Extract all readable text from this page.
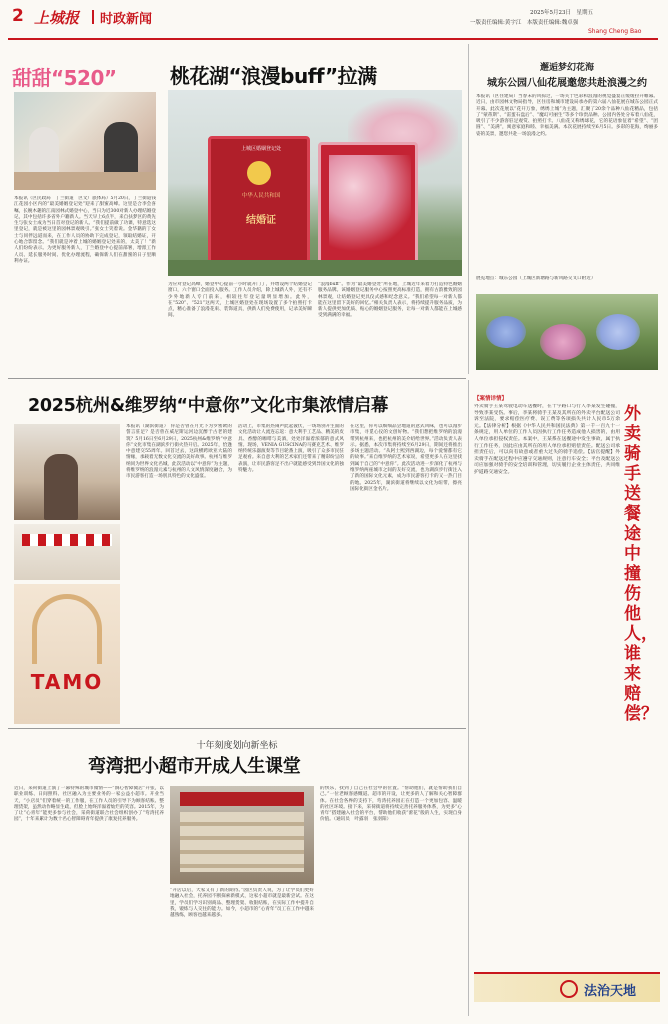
2 上城报 时政新闻	2025年5月23日　星期五
一版责任编辑:黄宇江　本版责任编辑:魏卓强
Shang Cheng Bao
甜甜“520”
本报讯（区民政局　丁兰街道　区文广旅体局）5月20日，丁兰街道钱江花园小区内的“最美婚姻登记处”迎来了甜蜜高峰。这里是合李会喜嘱，长婉木趣的江南园林式婚登中心，当日为近300对新人办理结婚登记，其中包括许多省外户籍新人。当天早上6点半，来自扶梦区的黄先生与张女士成为当日首对登记的新人。“我们提前做了功课，特意选这里登记，就是被这里的园林景观吸引。”张女士笑着说。金华籍的丁女士与同伴远道而来，在工作人员的协助下完成登记，领取结婚证，开心地合影留念。“我们就是冲着上城的婚姻登记处来的，太美了！”新人们纷纷表示。为更好服务新人，丁兰婚登中心提前部署，增派工作人员、延长服务时间、优化办理流程，确保新人们在甜蜜的日子里顺利办证。
桃花湖“浪漫buff”拉满
上城区婚姻登记处
中华人民共和国
结婚证
为应对登记高峰，婚登中心提前一小时就开门了，并增设两个结婚登记窗口，六个窗口全面投入服务。工作人员介绍，除上城新人外，还有不少外地新人专门前来，相较往年登记量明显增加。此外，在“520”、“521”这两天，上城区婚登处在现场设置了多个拍照打卡点，精心准备了浪漫花束、装饰道具，供新人们免费使用，记录美好瞬间。
“浪漫buff”。作为“最美婚登处”所在地，上城近年来着力打造特色婚姻服务品牌。该婚姻登记服务中心按照更高标准打造，拥有古韵雅致的园林景观，让结婚登记更具仪式感和纪念意义。“我们希望每一对新人都能在这里留下美好的回忆。”相关负责人表示，将持续提升服务品质，为新人提供更加优质、贴心的婚姻登记服务，让每一对新人都能在上城感受到满满的幸福。
邂逅梦幻花海
城东公园八仙花展邀您共赴浪漫之约
本报讯（区住建局）当春末的风掠过，一场关于色彩和浪漫的视觉盛宴正缓缓拉开帷幕。近日，由市园林文物局指导，区住房和城市建设局承办的第六届八仙花展在城东公园正式开幕。此次花展以“花开万象，绣绣上城”为主题，汇聚了20余个品种八仙花精品，包括了“蒙蒂斯”、“雷蛋石盘后”、“魔幻可丽生”等多个珍贵品种。公园内各处分布着八仙花，吸引了不少游客驻足观赏、拍照打卡。八仙花又称绣球花，它的花语象征着“希望”、“团圆”、“美满”，寓意家庭和睦、幸福美满。本次花展持续至6月5日。多彩的花海，绚丽多姿的美景，邀您共赴一场浪漫之约。
展览地点：城东公园（上城区新塘路与新风路交叉口附近）
2025杭州&维罗纳“中意你”文化市集浓情启幕
TAMO
本报讯（湖滨街道）　你是否曾在月光下为罗密欧的誓言驻足？是否曾在威尼斯运河边沉醉于古老的建筑？5月16日至6月29日，2025杭州&维罗纳“中意你”文化市集在湖滨步行街火热开启。2025年，恰逢中意建交55周年。回首过去，这段横跨欧亚大陆的情缘，承载着无数文化交流的美好故事。杭州与维罗纳同为世界文化名城，此次活动以“中意你”为主题，将维罗纳的浪漫元素与杭州的人文风情深度融合，为市民游客打造一场别具特色的文化盛宴。
活动上，市集的热闹声此起彼伏，一场场别开生面的文化活动让人流连忘返：意大利手工艺品、精美的皮具、香醇的咖啡与美酒，处处洋溢着浓郁的意式风情。现场，VENIA GUSCINA的马赛克艺术、维罗纳传统乐器演奏等节目轮番上演，吸引了众多市民驻足观看。来自意大利的艺术家们还带来了精彩纷呈的表演，让市民游客足不出户就能感受到异国文化的独特魅力。
在这里，你可以细细品尝地道的意式风味，也可以漫步市集，寻觅心仪的文创好物。“我们想把维罗纳的浪漫带到杭州来，也把杭州的美介绍给世界。”活动负责人表示。据悉，本次市集将持续至6月29日，期间还将推出多场主题活动。“从阿士熙到西湖边，每个爱情都有它的故事。”来自维罗纳的艺术家说，希望更多人在这里找到属于自己的“中意你”。此次活动进一步深化了杭州与维罗纳两座城市之间的友好交流，也为湖滨步行街注入了新的国际文化元素，成为市民游客打卡的又一热门目的地。2025年，湖滨街道将继续以文化为纽带，擦亮国际化街区金名片。
十年刻度划向新坐标
弯湾把小超市开成人生课堂
近日，采荷街道上演了一幕特殊的城市微情——“洞心智障微店”开张，以职业训练、日间照料、社区融入为主要业务的一家公益小超市。开业当天，“小店员”们穿着统一的工作服，在工作人员的引导下为顾客结账、整理货架，虽然动作略显生疏，但脸上始终洋溢着灿烂的笑容。2015年，为了让“心青年”能更多参与社会，采荷街道联合社会组织创办了“弯湾托养园”，十年来累计为数十名心智障碍青年提供了康复托养服务。
“开店以后，大家又有了新的期待。”园区负责人说，为了让学员们更好地融入社会，托养园不断探索新模式，这家小超市就是最新尝试。在这里，学员们学习识别商品、整理货架、收银结账，在实际工作中提升自我，锻炼与人交往的能力。如今，小超市的“心青年”员工在工作中越来越熟练，顾客也越来越多。
的快乐，找到了自己在社会中的位置。“帮助他们，就是帮助我们自己。”一位老顾客感慨道。超市的开设，让更多的人了解和关心智障群体。在社会各界的支持下，弯湾托养园正在打造一个更加包容、温暖的社区环境。接下来，采荷街道将持续完善托养服务体系，为更多“心青年”搭建融入社会的平台，帮助他们收获“蕾花”般的人生，实现自身价值。（通讯员　叶露羽　张羽阳）
【案情详情】
外卖骑手王某驾驶电动车送餐时，在十字路口与行人李某发生碰撞，导致李某受伤。事后，李某将骑手王某及其所在的外卖平台配送公司诉至法院，要求赔偿医疗费、误工费等各项损失共计人民币5万余元。【法律分析】根据《中华人民共和国民法典》第一千一百九十一条规定，用人单位的工作人员因执行工作任务造成他人损害的，由用人单位承担侵权责任。本案中，王某系在送餐途中发生事故，属于执行工作任务，因此应由其所在的用人单位承担赔偿责任。配送公司承担责任后，可以向有故意或者重大过失的骑手追偿。【法官提醒】外卖骑手在配送过程中应遵守交通规则，注意行车安全；平台及配送公司应加强对骑手的安全培训和管理，切实履行企业主体责任，共同维护道路交通安全。
外卖骑手送餐途中撞伤他人，谁来赔偿？
法治天地
